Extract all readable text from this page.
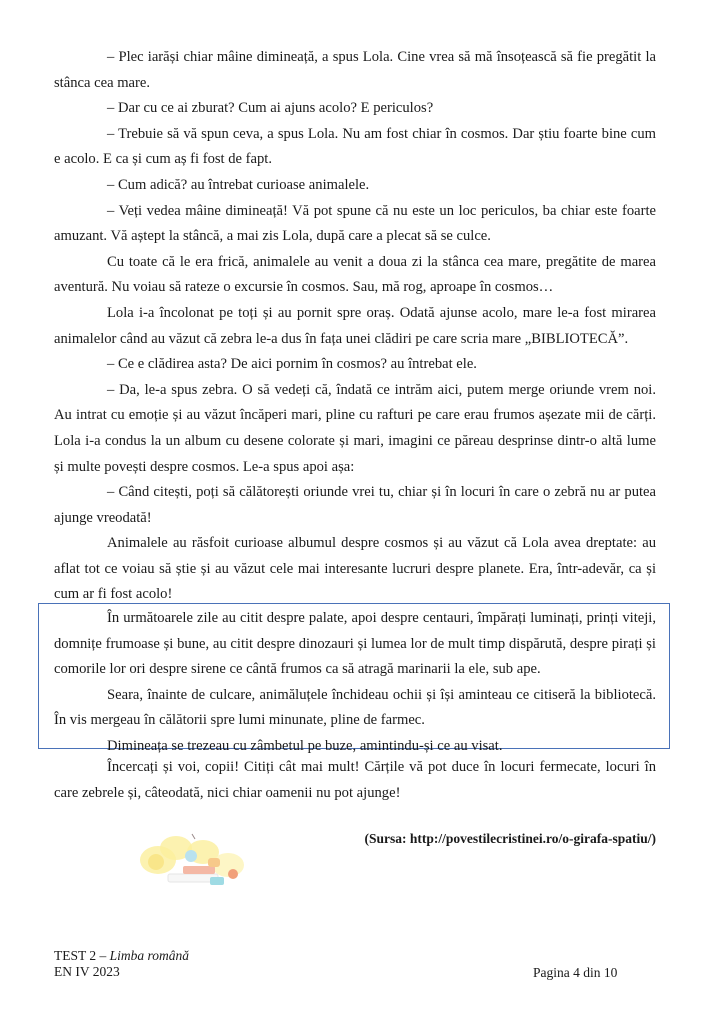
– Plec iarăși chiar mâine dimineață, a spus Lola. Cine vrea să mă însoțească să fie pregătit la stânca cea mare.

– Dar cu ce ai zburat? Cum ai ajuns acolo? E periculos?

– Trebuie să vă spun ceva, a spus Lola. Nu am fost chiar în cosmos. Dar știu foarte bine cum e acolo. E ca și cum aș fi fost de fapt.

– Cum adică? au întrebat curioase animalele.

– Veți vedea mâine dimineață! Vă pot spune că nu este un loc periculos, ba chiar este foarte amuzant. Vă aștept la stâncă, a mai zis Lola, după care a plecat să se culce.

Cu toate că le era frică, animalele au venit a doua zi la stânca cea mare, pregătite de marea aventură. Nu voiau să rateze o excursie în cosmos. Sau, mă rog, aproape în cosmos…

Lola i-a încolonat pe toți și au pornit spre oraș. Odată ajunse acolo, mare le-a fost mirarea animalelor când au văzut că zebra le-a dus în fața unei clădiri pe care scria mare „BIBLIOTECĂ”.

– Ce e clădirea asta? De aici pornim în cosmos? au întrebat ele.

– Da, le-a spus zebra. O să vedeți că, îndată ce intrăm aici, putem merge oriunde vrem noi. Au intrat cu emoție și au văzut încăperi mari, pline cu rafturi pe care erau frumos așezate mii de cărți. Lola i-a condus la un album cu desene colorate și mari, imagini ce păreau desprinse dintr-o altă lume și multe povești despre cosmos. Le-a spus apoi așa:

– Când citești, poți să călătorești oriunde vrei tu, chiar și în locuri în care o zebră nu ar putea ajunge vreodată!

Animalele au răsfoit curioase albumul despre cosmos și au văzut că Lola avea dreptate: au aflat tot ce voiau să știe și au văzut cele mai interesante lucruri despre planete. Era, într-adevăr, ca și cum ar fi fost acolo!

În următoarele zile au citit despre palate, apoi despre centauri, împărați luminați, prinți viteji, domnițe frumoase și bune, au citit despre dinozauri și lumea lor de mult timp dispărută, despre pirați și comorile lor ori despre sirene ce cântă frumos ca să atragă marinarii la ele, sub ape.

Seara, înainte de culcare, animăluțele închideau ochii și își aminteau ce citiseră la bibliotecă. În vis mergeau în călătorii spre lumi minunate, pline de farmec.

Dimineața se trezeau cu zâmbetul pe buze, amintindu-și ce au visat.

Încercați și voi, copii! Citiți cât mai mult! Cărțile vă pot duce în locuri fermecate, locuri în care zebrele și, câteodată, nici chiar oamenii nu pot ajunge!

(Sursa: http://povestilecristinei.ro/o-girafa-spatiu/)
TEST 2 – Limba română
EN IV 2023	Pagina 4 din 10
